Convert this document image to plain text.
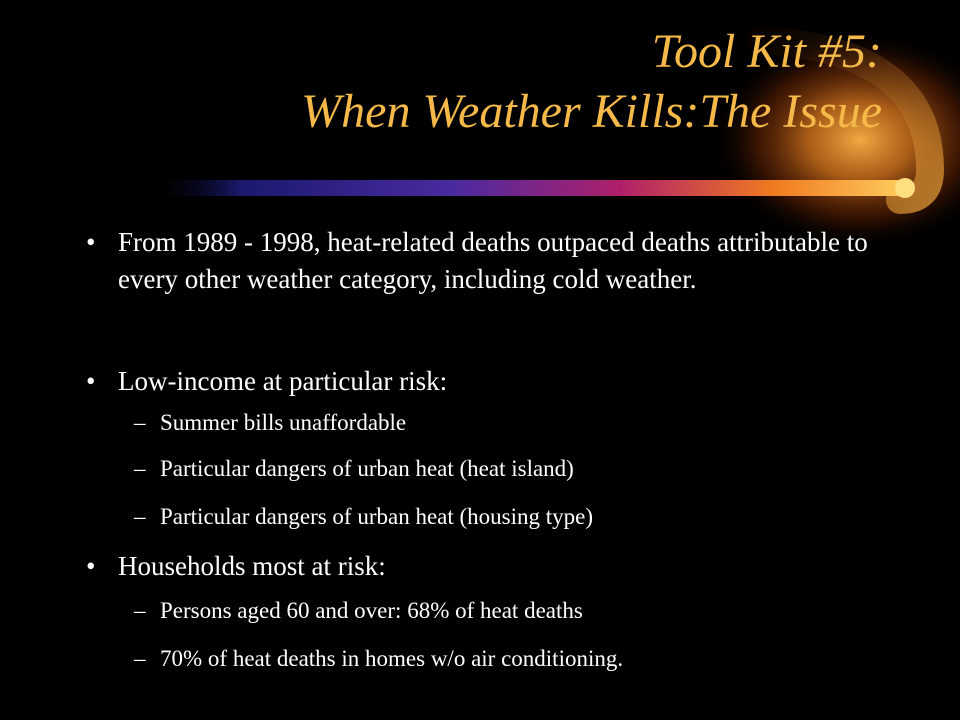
Tool Kit #5:
When Weather Kills:The Issue
• From 1989 - 1998, heat-related deaths outpaced deaths attributable to every other weather category, including cold weather.
• Low-income at particular risk:
– Summer bills unaffordable
– Particular dangers of urban heat (heat island)
– Particular dangers of urban heat (housing type)
• Households most at risk:
– Persons aged 60 and over: 68% of heat deaths
– 70% of heat deaths in homes w/o air conditioning.
